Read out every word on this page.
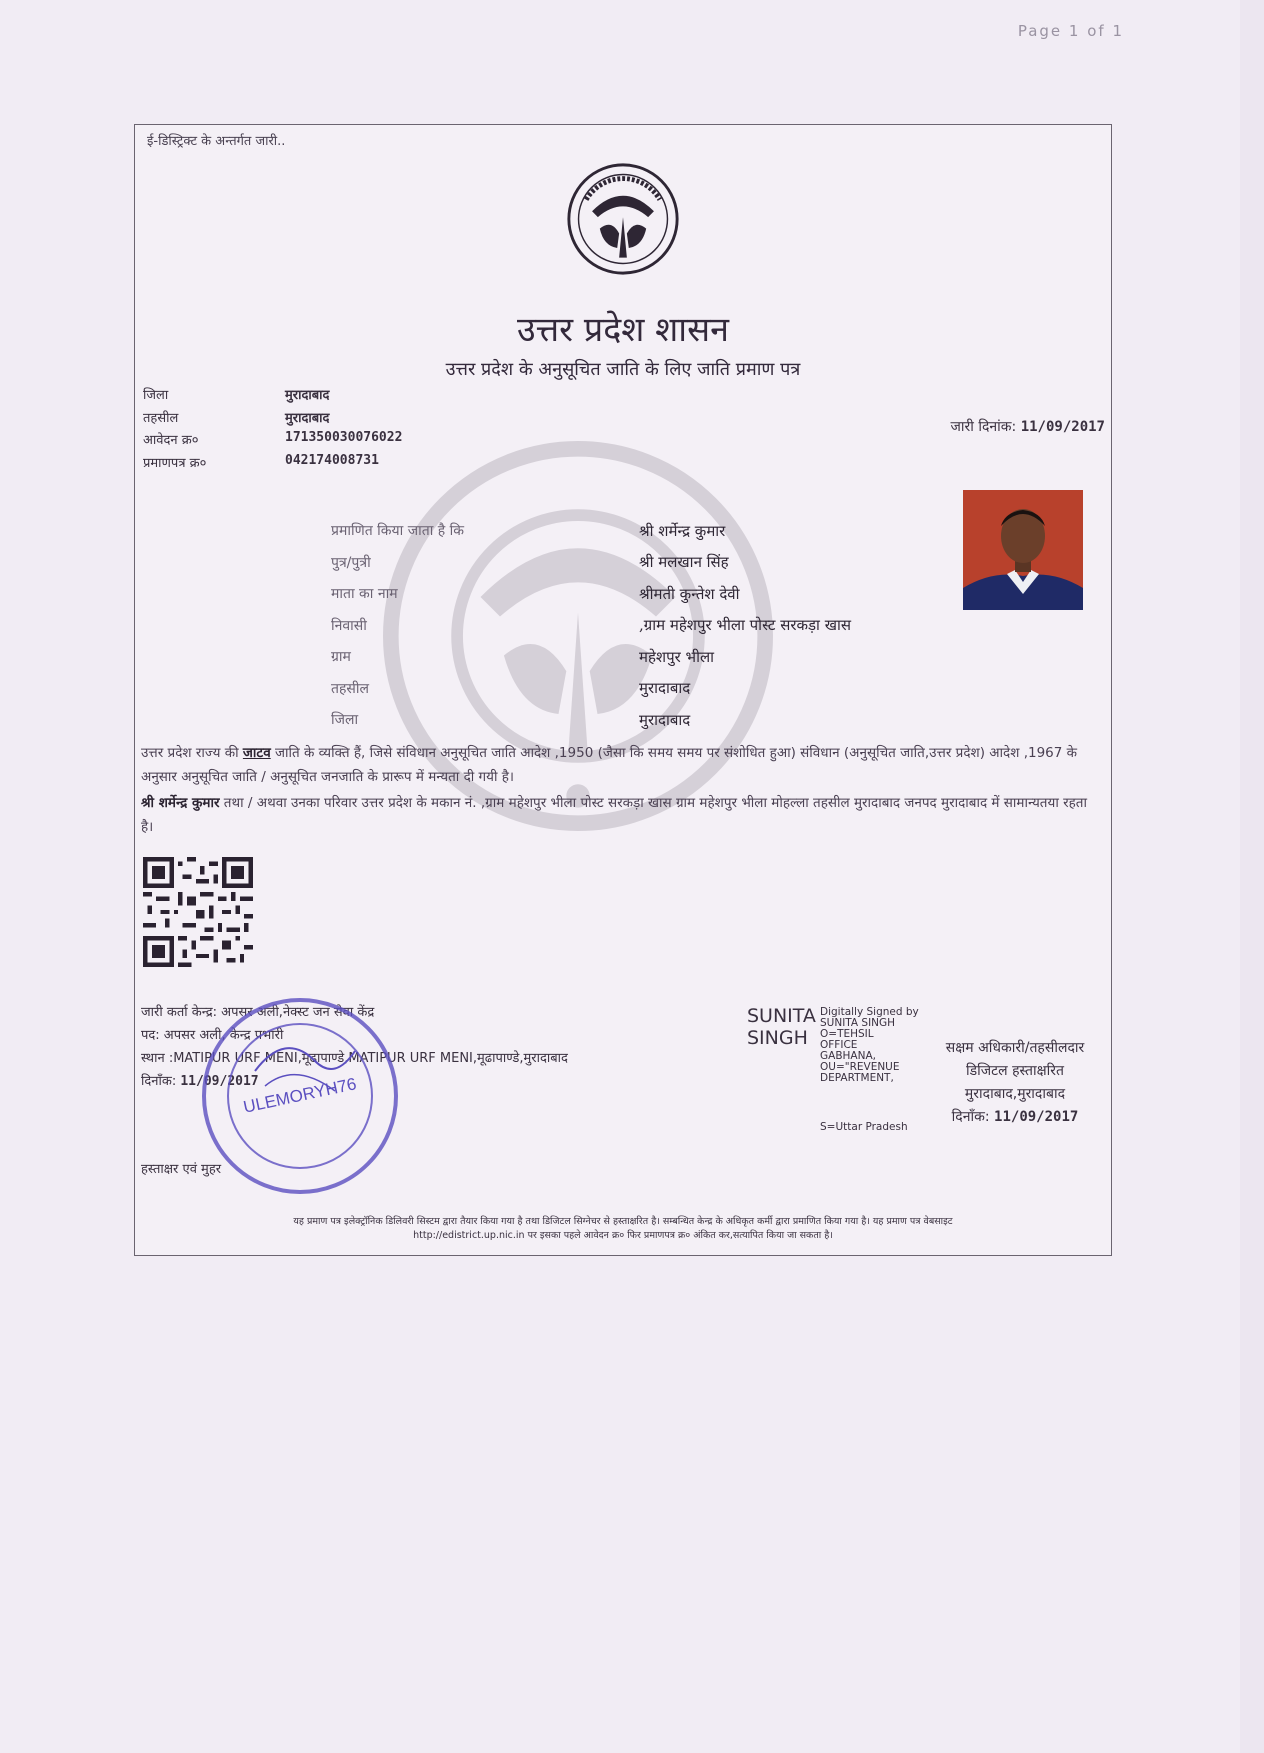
Page 1 of 1
ई-डिस्ट्रिक्ट के अन्तर्गत जारी..
उत्तर प्रदेश शासन
उत्तर प्रदेश के अनुसूचित जाति के लिए जाति प्रमाण पत्र
जिला	मुरादाबाद
तहसील	मुरादाबाद
आवेदन क्र०	171350030076022
प्रमाणपत्र क्र०	042174008731
जारी दिनांक: 11/09/2017
प्रमाणित किया जाता है कि	श्री शर्मेन्द्र कुमार
पुत्र/पुत्री	श्री मलखान सिंह
माता का नाम	श्रीमती कुन्तेश देवी
निवासी	,ग्राम महेशपुर भीला पोस्ट सरकड़ा खास
ग्राम	महेशपुर भीला
तहसील	मुरादाबाद
जिला	मुरादाबाद
उत्तर प्रदेश राज्य की जाटव जाति के व्यक्ति हैं, जिसे संविधान अनुसूचित जाति आदेश ,1950 (जैसा कि समय समय पर संशोधित हुआ) संविधान (अनुसूचित जाति,उत्तर प्रदेश) आदेश ,1967 के अनुसार अनुसूचित जाति / अनुसूचित जनजाति के प्रारूप में मन्यता दी गयी है।
श्री शर्मेन्द्र कुमार तथा / अथवा उनका परिवार उत्तर प्रदेश के मकान नं. ,ग्राम महेशपुर भीला पोस्ट सरकड़ा खास ग्राम महेशपुर भीला मोहल्ला तहसील मुरादाबाद जनपद मुरादाबाद में सामान्यतया रहता है।
जारी कर्ता केन्द्र: अपसर अली,नेक्स्ट जन सेवा केंद्र
पद: अपसर अली, केन्द्र प्रभारी
स्थान :MATIPUR URF MENI,मूढापाण्डे,MATIPUR URF MENI,मूढापाण्डे,मुरादाबाद
दिनाँक: 11/09/2017
हस्ताक्षर एवं मुहर
ULEMORYH76
SUNITA
SINGH
Digitally Signed by
SUNITA SINGH
O=TEHSIL
OFFICE
GABHANA,
OU="REVENUE
DEPARTMENT,
S=Uttar Pradesh
सक्षम अधिकारी/तहसीलदार
डिजिटल हस्ताक्षरित
मुरादाबाद,मुरादाबाद
दिनाँक: 11/09/2017
यह प्रमाण पत्र इलेक्ट्रॉनिक डिलिवरी सिस्टम द्वारा तैयार किया गया है तथा डिजिटल सिग्नेचर से हस्ताक्षरित है। सम्बन्धित केन्द्र के अधिकृत कर्मी द्वारा प्रमाणित किया गया है। यह प्रमाण पत्र वेबसाइट
http://edistrict.up.nic.in पर इसका पहले आवेदन क्र० फिर प्रमाणपत्र क्र० अंकित कर,सत्यापित किया जा सकता है।
